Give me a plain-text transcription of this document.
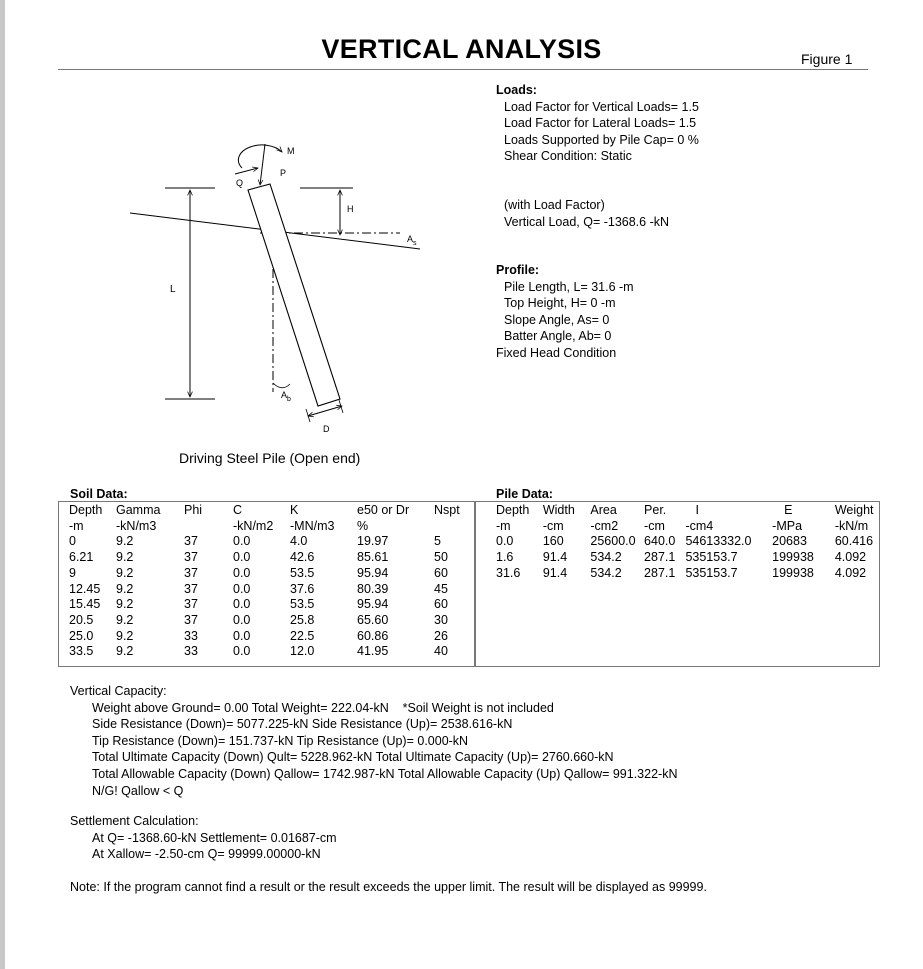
VERTICAL ANALYSIS	Figure 1
Loads:
Load Factor for Vertical Loads= 1.5
Load Factor for Lateral Loads= 1.5
Loads Supported by Pile Cap= 0 %
Shear Condition: Static
(with Load Factor)
Vertical Load, Q= -1368.6 -kN
Profile:
Pile Length, L= 31.6 -m
Top Height, H= 0 -m
Slope Angle, As= 0
Batter Angle, Ab= 0
Fixed Head Condition
L
H
$A_s$
$A_b$
D
M
Q
P
Driving Steel Pile (Open end)
Soil Data:
Depth	Gamma	Phi	C	K	e50 or Dr	Nspt
-m	-kN/m3		-kN/m2	-MN/m3	%	
0	9.2	37	0.0	4.0	19.97	5
6.21	9.2	37	0.0	42.6	85.61	50
9	9.2	37	0.0	53.5	95.94	60
12.45	9.2	37	0.0	37.6	80.39	45
15.45	9.2	37	0.0	53.5	95.94	60
20.5	9.2	37	0.0	25.8	65.60	30
25.0	9.2	33	0.0	22.5	60.86	26
33.5	9.2	33	0.0	12.0	41.95	40
Pile Data:
Depth	Width	Area	Per.	I	E	Weight
-m	-cm	-cm2	-cm	-cm4	-MPa	-kN/m
0.0	160	25600.0	640.0	54613332.0	20683	60.416
1.6	91.4	534.2	287.1	535153.7	199938	4.092
31.6	91.4	534.2	287.1	535153.7	199938	4.092
Vertical Capacity:
Weight above Ground= 0.00 Total Weight= 222.04-kN    *Soil Weight is not included
Side Resistance (Down)= 5077.225-kN Side Resistance (Up)= 2538.616-kN
Tip Resistance (Down)= 151.737-kN Tip Resistance (Up)= 0.000-kN
Total Ultimate Capacity (Down) Qult= 5228.962-kN Total Ultimate Capacity (Up)= 2760.660-kN
Total Allowable Capacity (Down) Qallow= 1742.987-kN Total Allowable Capacity (Up) Qallow= 991.322-kN
N/G! Qallow < Q
Settlement Calculation:
At Q= -1368.60-kN Settlement= 0.01687-cm
At Xallow= -2.50-cm Q= 99999.00000-kN
Note: If the program cannot find a result or the result exceeds the upper limit. The result will be displayed as 99999.
